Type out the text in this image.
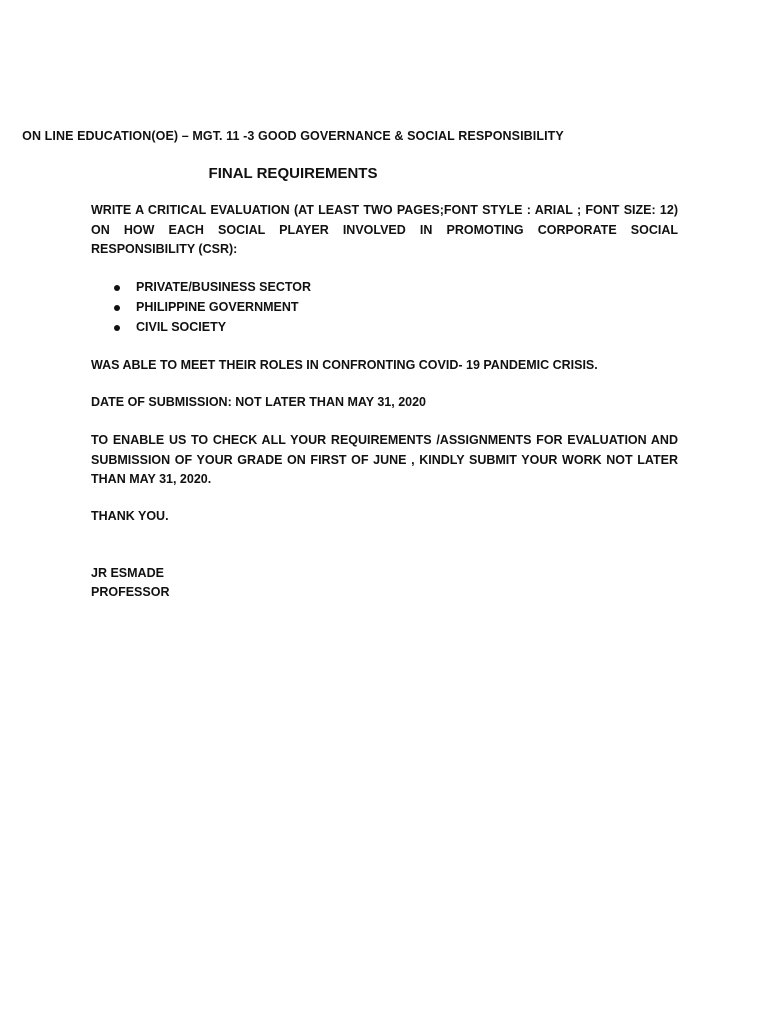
ON LINE EDUCATION(OE) – MGT. 11 -3 GOOD GOVERNANCE & SOCIAL RESPONSIBILITY
FINAL REQUIREMENTS

WRITE A CRITICAL EVALUATION (AT LEAST TWO PAGES;FONT STYLE : ARIAL ; FONT SIZE: 12) ON HOW EACH SOCIAL PLAYER INVOLVED IN PROMOTING CORPORATE SOCIAL RESPONSIBILITY (CSR):

PRIVATE/BUSINESS SECTOR
PHILIPPINE GOVERNMENT
CIVIL SOCIETY

WAS ABLE TO MEET THEIR ROLES IN CONFRONTING COVID- 19 PANDEMIC CRISIS.

DATE OF SUBMISSION: NOT LATER THAN MAY 31, 2020

TO ENABLE US TO CHECK ALL YOUR REQUIREMENTS /ASSIGNMENTS FOR EVALUATION AND SUBMISSION OF YOUR GRADE ON FIRST OF JUNE , KINDLY SUBMIT YOUR WORK NOT LATER THAN MAY 31, 2020.

THANK YOU.

JR ESMADE

PROFESSOR
